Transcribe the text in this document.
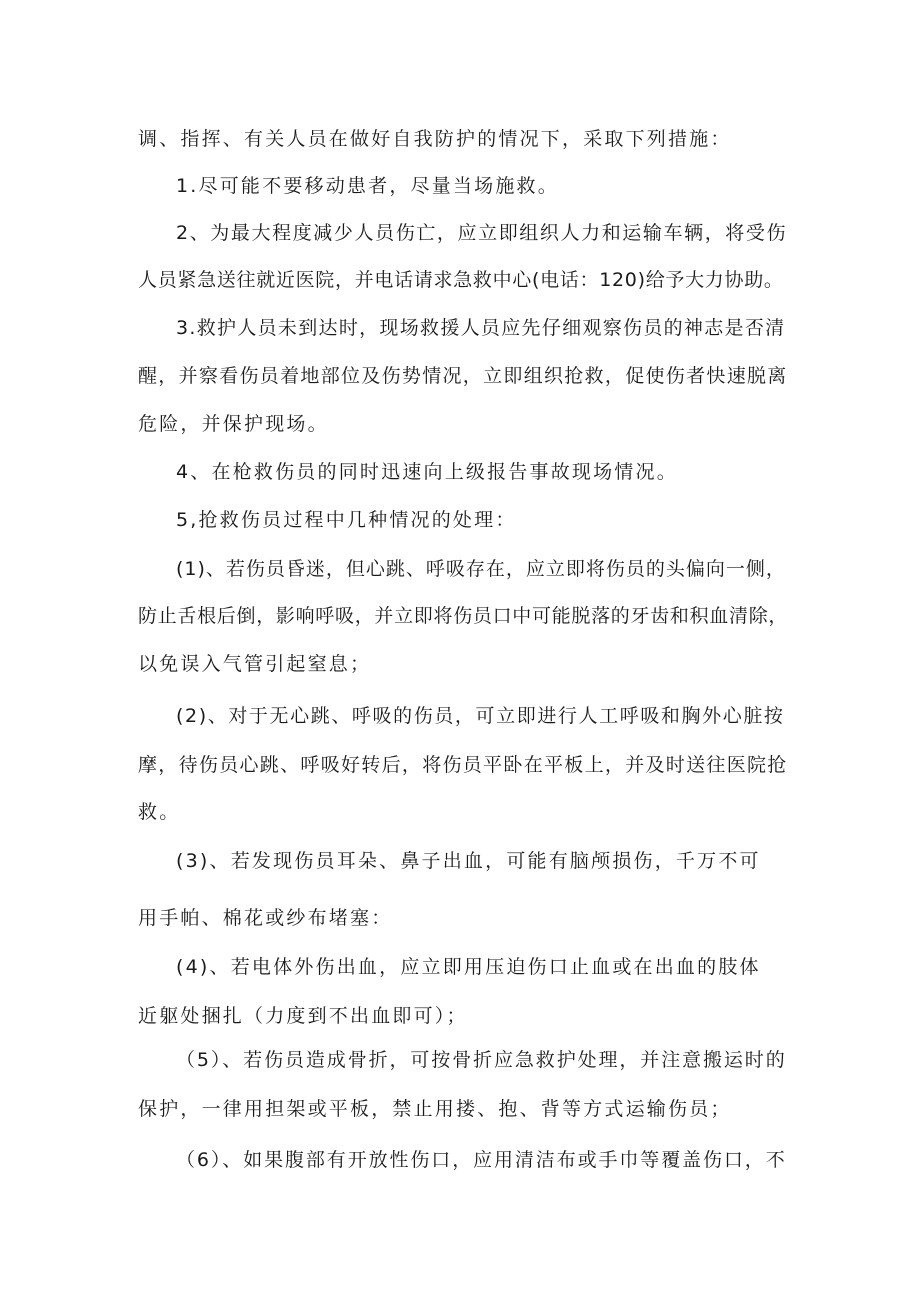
调、指挥、有关人员在做好自我防护的情况下，采取下列措施：
1.尽可能不要移动患者，尽量当场施救。
2、为最大程度减少人员伤亡，应立即组织人力和运输车辆，将受伤
人员紧急送往就近医院，并电话请求急救中心(电话：120)给予大力协助。
3.救护人员未到达时，现场救援人员应先仔细观察伤员的神志是否清
醒，并察看伤员着地部位及伤势情况，立即组织抢救，促使伤者快速脱离
危险，并保护现场。
4、在枪救伤员的同时迅速向上级报告事故现场情况。
5,抢救伤员过程中几种情况的处理：
(1)、若伤员昏迷，但心跳、呼吸存在，应立即将伤员的头偏向一侧，
防止舌根后倒，影响呼吸，并立即将伤员口中可能脱落的牙齿和积血清除，
以免误入气管引起窒息；
(2)、对于无心跳、呼吸的伤员，可立即进行人工呼吸和胸外心脏按
摩，待伤员心跳、呼吸好转后，将伤员平卧在平板上，并及时送往医院抢
救。
(3)、若发现伤员耳朵、鼻子出血，可能有脑颅损伤，千万不可
用手帕、棉花或纱布堵塞：
(4)、若电体外伤出血，应立即用压迫伤口止血或在出血的肢体
近躯处捆扎（力度到不出血即可）；
（5）、若伤员造成骨折，可按骨折应急救护处理，并注意搬运时的
保护，一律用担架或平板，禁止用搂、抱、背等方式运输伤员；
（6）、如果腹部有开放性伤口，应用清洁布或手巾等覆盖伤口，不
